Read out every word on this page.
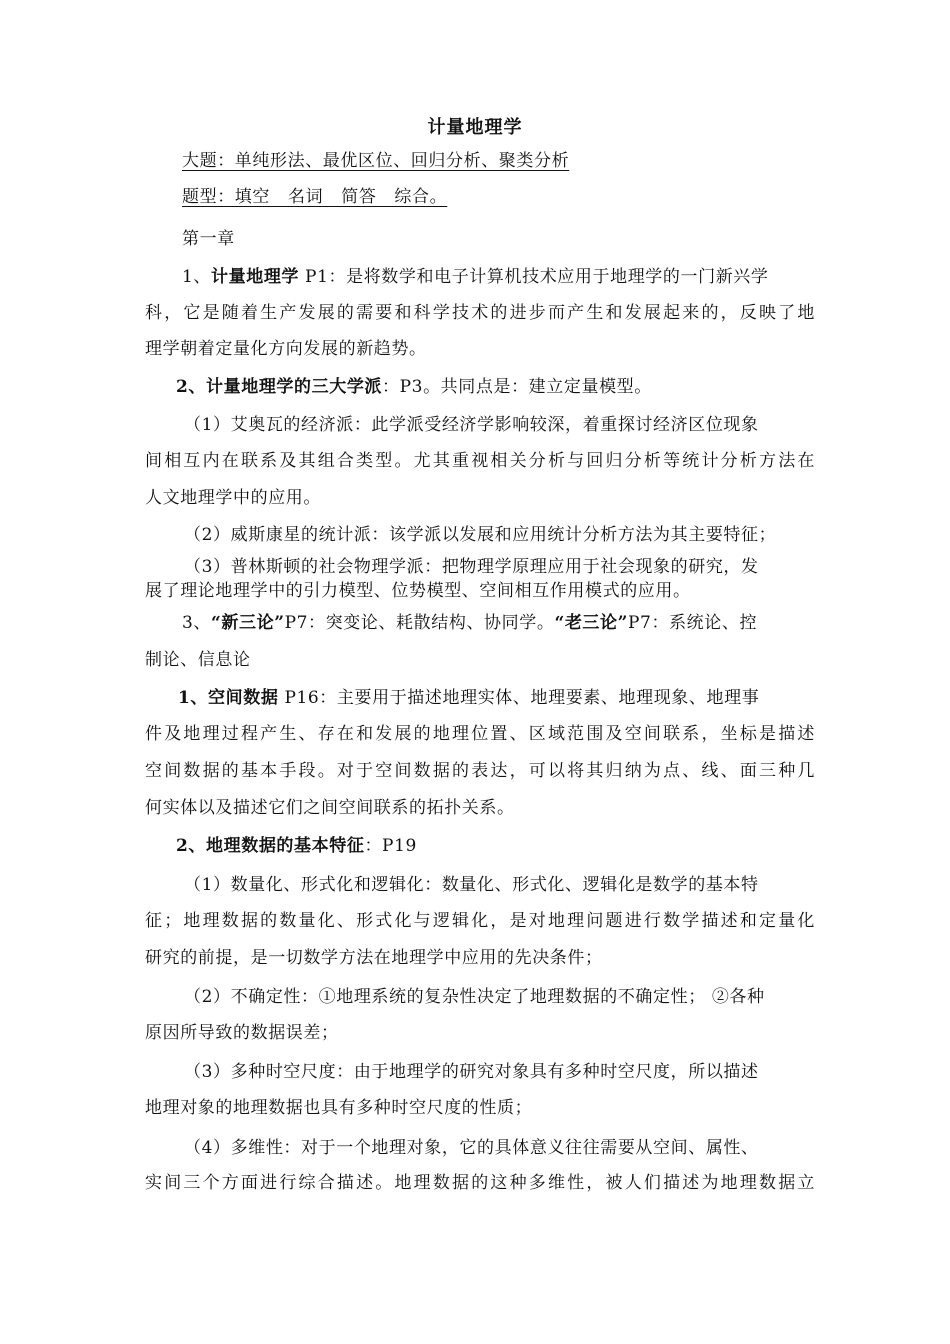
计量地理学
大题：单纯形法、最优区位、回归分析、聚类分析
题型：填空   名词   简答   综合。
第一章
1、计量地理学 P1：是将数学和电子计算机技术应用于地理学的一门新兴学
科，它是随着生产发展的需要和科学技术的进步而产生和发展起来的，反映了地
理学朝着定量化方向发展的新趋势。
2、计量地理学的三大学派：P3。共同点是：建立定量模型。
（1）艾奥瓦的经济派：此学派受经济学影响较深，着重探讨经济区位现象
间相互内在联系及其组合类型。尤其重视相关分析与回归分析等统计分析方法在
人文地理学中的应用。
（2）威斯康星的统计派：该学派以发展和应用统计分析方法为其主要特征；
（3）普林斯顿的社会物理学派：把物理学原理应用于社会现象的研究，发
展了理论地理学中的引力模型、位势模型、空间相互作用模式的应用。
3、“新三论”P7：突变论、耗散结构、协同学。“老三论”P7：系统论、控
制论、信息论
1、空间数据 P16：主要用于描述地理实体、地理要素、地理现象、地理事
件及地理过程产生、存在和发展的地理位置、区域范围及空间联系，坐标是描述
空间数据的基本手段。对于空间数据的表达，可以将其归纳为点、线、面三种几
何实体以及描述它们之间空间联系的拓扑关系。
2、地理数据的基本特征：P19
（1）数量化、形式化和逻辑化：数量化、形式化、逻辑化是数学的基本特
征；地理数据的数量化、形式化与逻辑化，是对地理问题进行数学描述和定量化
研究的前提，是一切数学方法在地理学中应用的先决条件；
（2）不确定性：①地理系统的复杂性决定了地理数据的不确定性； ②各种
原因所导致的数据误差；
（3）多种时空尺度：由于地理学的研究对象具有多种时空尺度，所以描述
地理对象的地理数据也具有多种时空尺度的性质；
（4）多维性：对于一个地理对象，它的具体意义往往需要从空间、属性、
实间三个方面进行综合描述。地理数据的这种多维性，被人们描述为地理数据立
